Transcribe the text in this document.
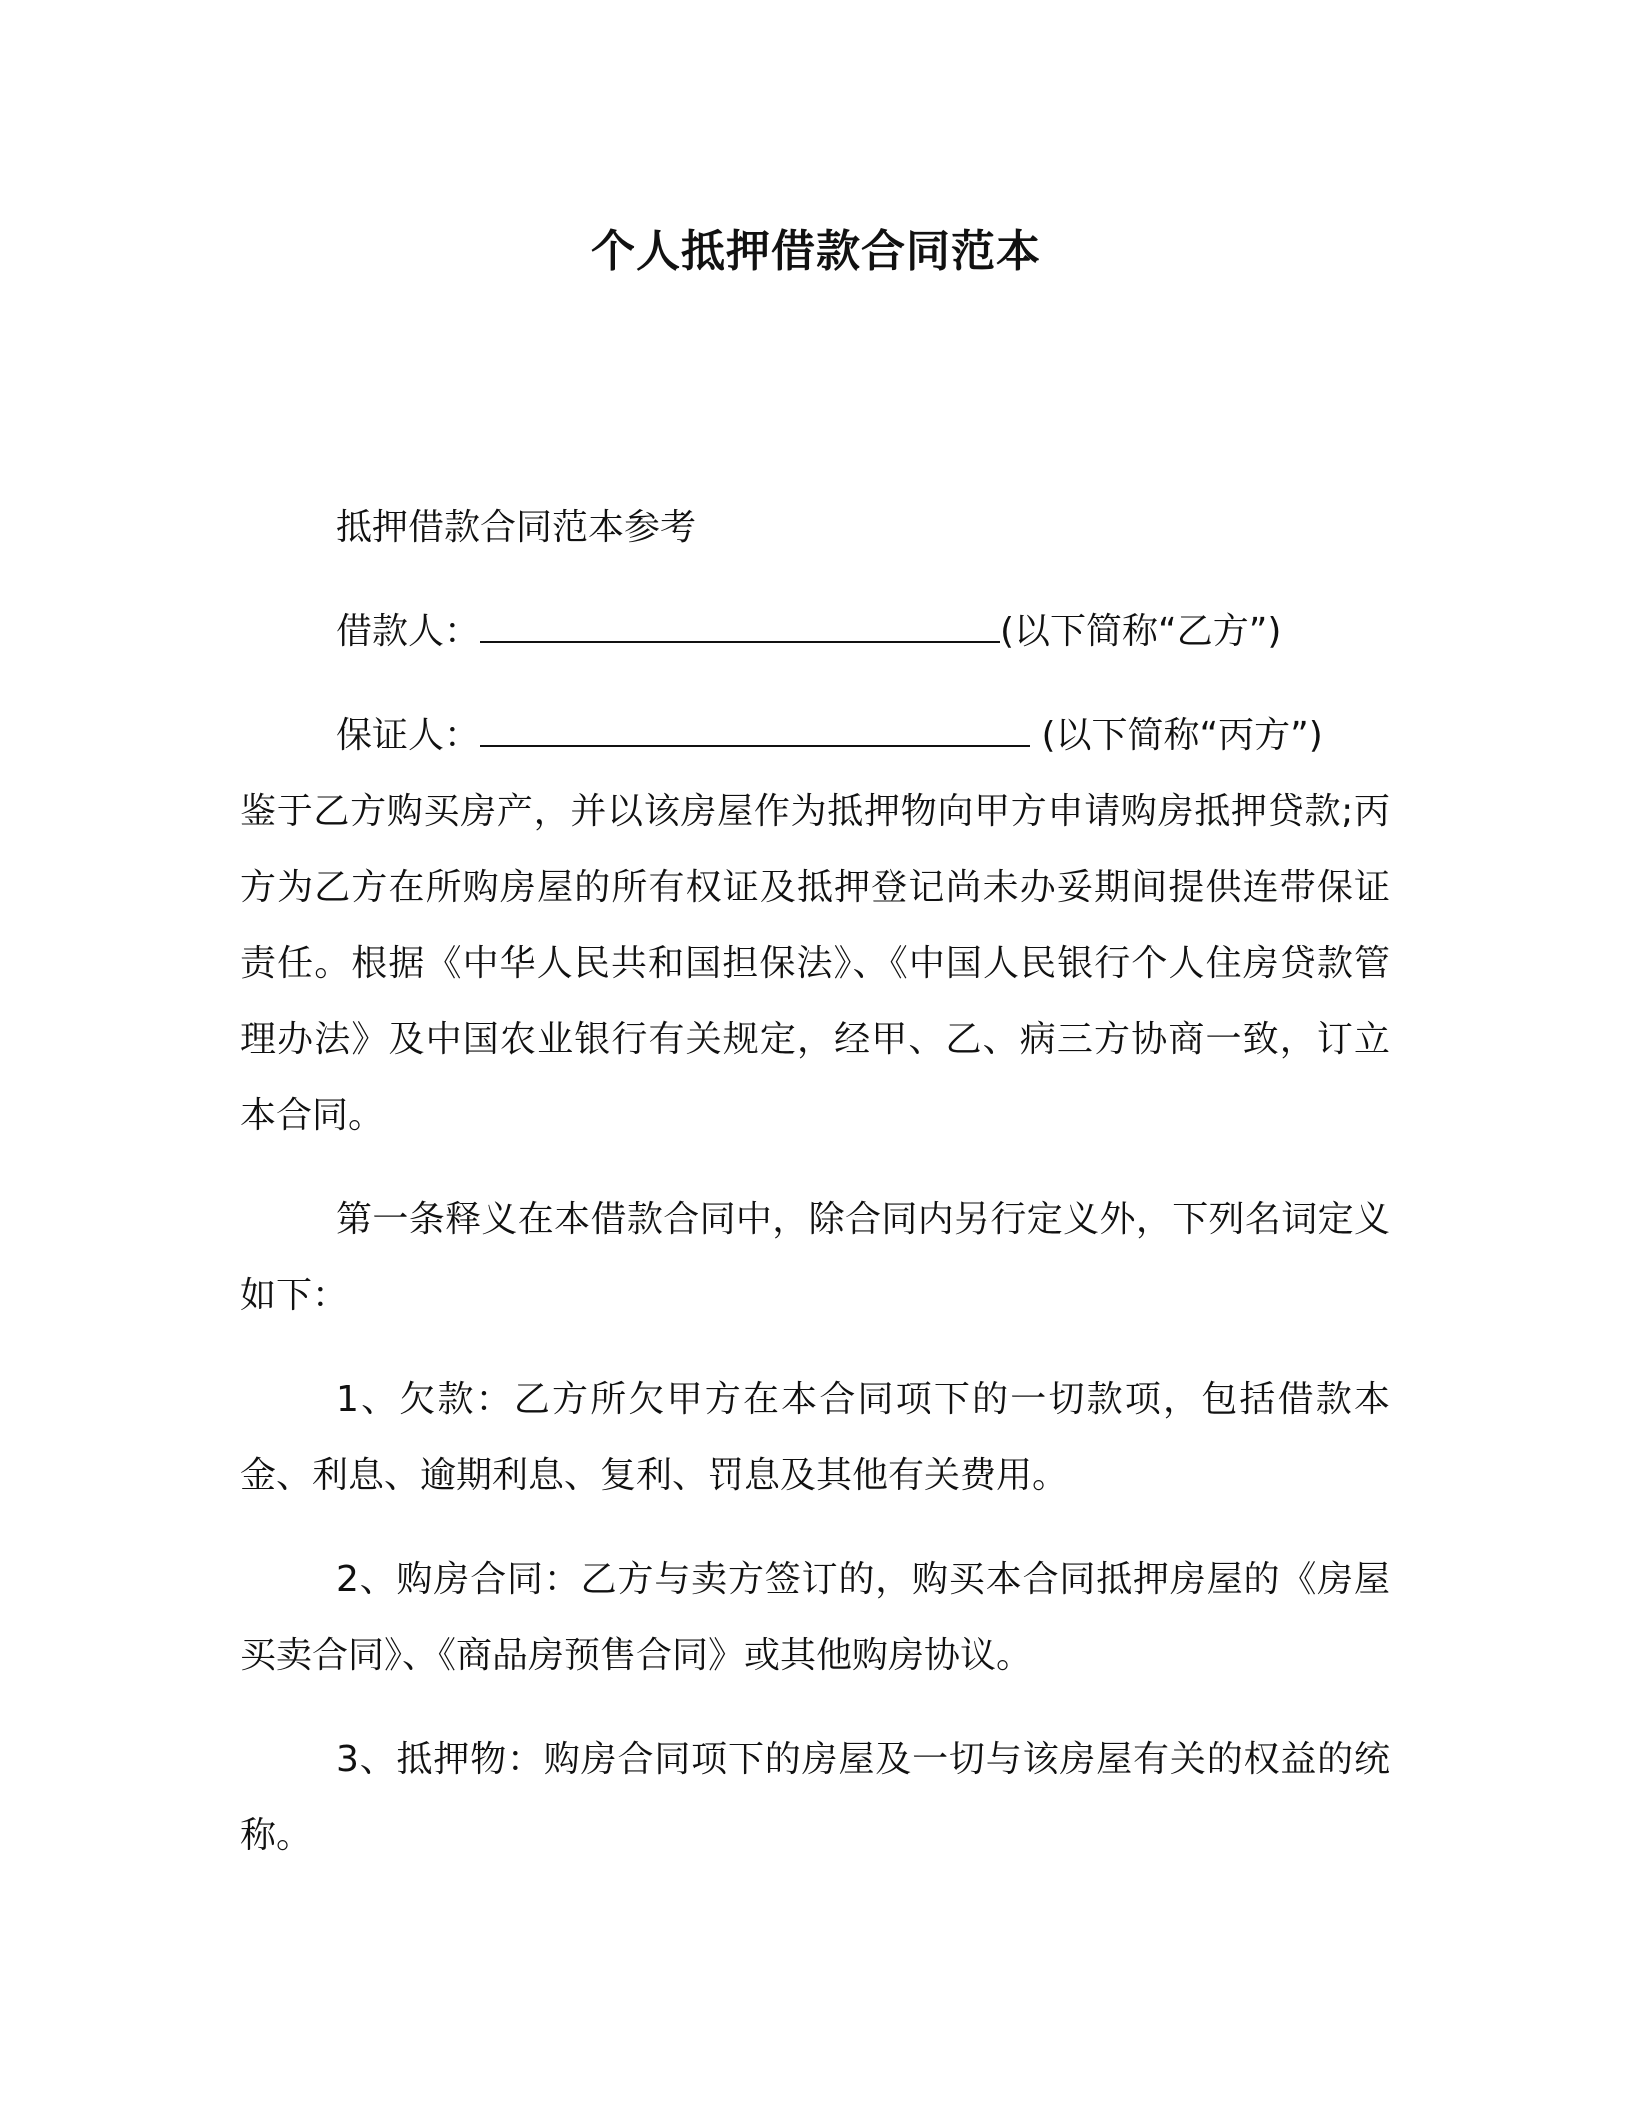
个人抵押借款合同范本

抵押借款合同范本参考

借款人：	(以下简称“乙方”)

保证人：	(以下简称“丙方”)

鉴于乙方购买房产，并以该房屋作为抵押物向甲方申请购房抵押贷款;丙方为乙方在所购房屋的所有权证及抵押登记尚未办妥期间提供连带保证责任。根据《中华人民共和国担保法》、《中国人民银行个人住房贷款管理办法》及中国农业银行有关规定，经甲、乙、病三方协商一致，订立本合同。

第一条释义在本借款合同中，除合同内另行定义外，下列名词定义如下：

1、欠款：乙方所欠甲方在本合同项下的一切款项，包括借款本金、利息、逾期利息、复利、罚息及其他有关费用。

2、购房合同：乙方与卖方签订的，购买本合同抵押房屋的《房屋买卖合同》、《商品房预售合同》或其他购房协议。

3、抵押物：购房合同项下的房屋及一切与该房屋有关的权益的统称。
